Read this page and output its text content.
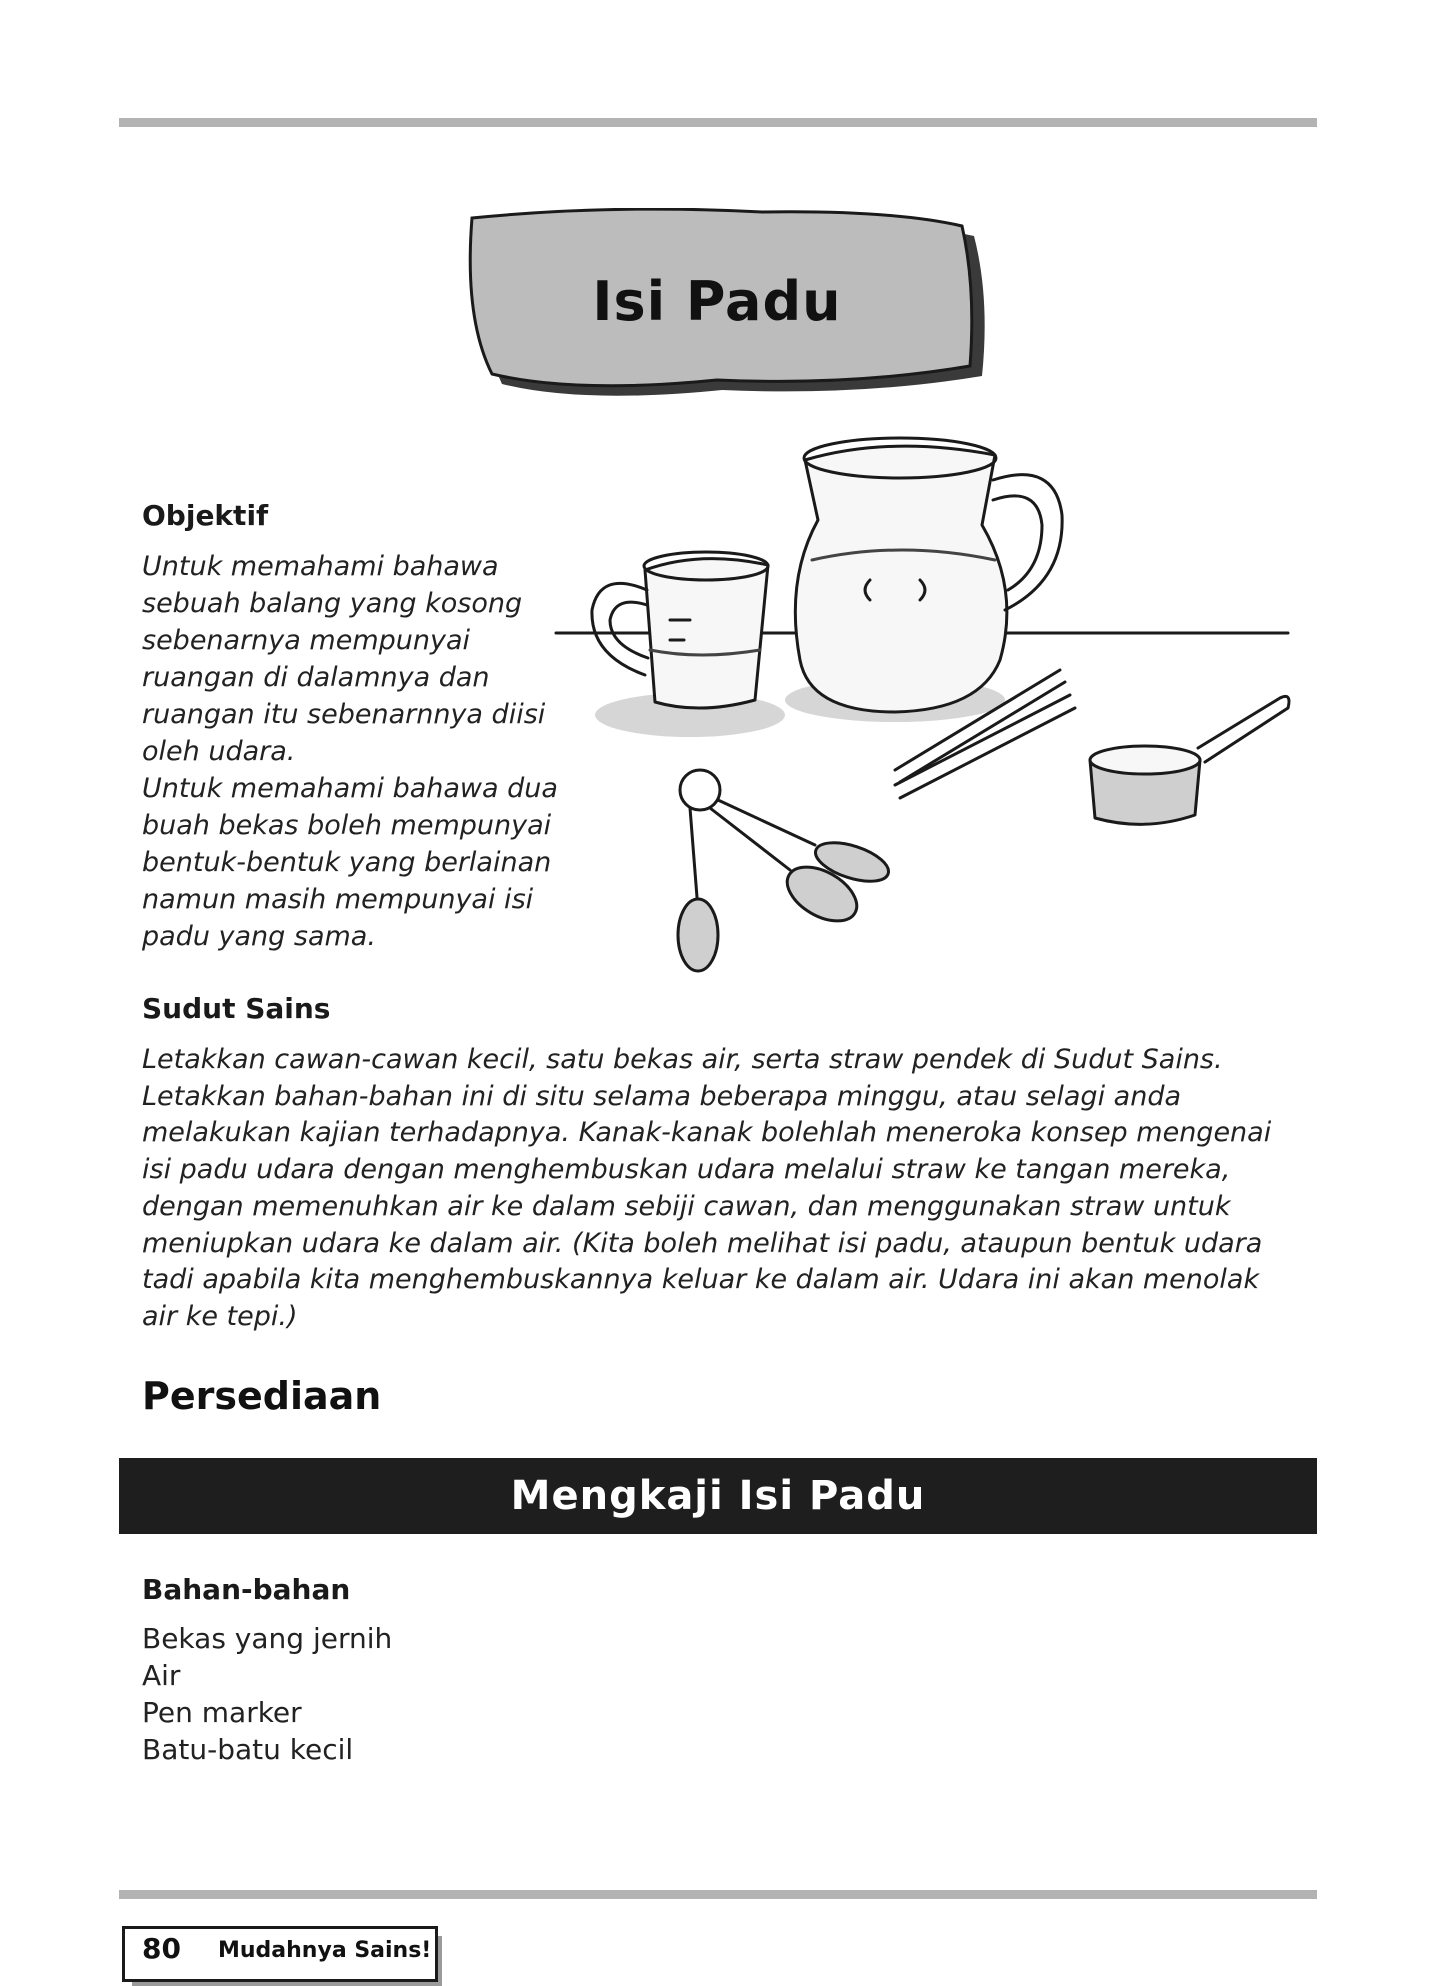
Isi Padu
Objektif

Untuk memahami bahawa

sebuah balang yang kosong

sebenarnya mempunyai

ruangan di dalamnya dan

ruangan itu sebenarnnya diisi

oleh udara.

Untuk memahami bahawa dua

buah bekas boleh mempunyai

bentuk-bentuk yang berlainan

namun masih mempunyai isi

padu yang sama.

Sudut Sains
Letakkan cawan-cawan kecil, satu bekas air, serta straw pendek di Sudut Sains.
Letakkan bahan-bahan ini di situ selama beberapa minggu, atau selagi anda
melakukan kajian terhadapnya. Kanak-kanak bolehlah meneroka konsep mengenai
isi padu udara dengan menghembuskan udara melalui straw ke tangan mereka,
dengan memenuhkan air ke dalam sebiji cawan, dan menggunakan straw untuk
meniupkan udara ke dalam air. (Kita boleh melihat isi padu, ataupun bentuk udara
tadi apabila kita menghembuskannya keluar ke dalam air. Udara ini akan menolak
air ke tepi.)
Persediaan
Mengkaji Isi Padu
Bahan-bahan
Bekas yang jernih
Air
Pen marker
Batu-batu kecil
80 Mudahnya Sains!
